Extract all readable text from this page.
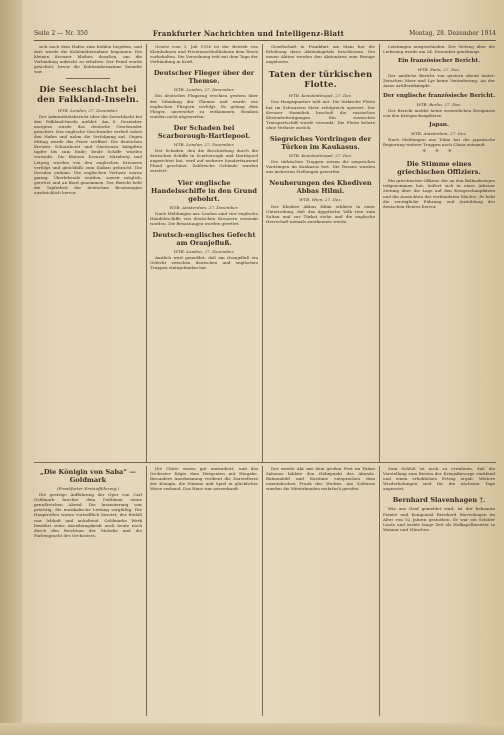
Seite 2 — Nr. 350	Frankfurter Nachrichten und Intelligenz-Blatt	Montag, 28. Dezember 1914

sich nach dem Hafen zum Kohlen begeben, und dort wurde die Kohlenübernahme begonnen. Die kleinen Kreuzer blieben draußen, um die Verbindung aufrecht zu erhalten. Der Feind wurde gesichtet, bevor die Kohlenübernahme beendet war.

Die Seeschlacht bei den Falkland-Inseln.
WTB. London, 27. Dezember.

Der Admiralitätsbericht über die Seeschlacht bei den Falkland-Inseln meldet: Am 8. Dezember morgens wurde das deutsche Geschwader gesichtet. Das englische Geschwader verließ sofort den Hafen und nahm die Verfolgung auf. Gegen Mittag wurde das Feuer eröffnet. Die deutschen Kreuzer Scharnhorst und Gneisenau kämpften tapfer bis zum Ende; beide Schiffe wurden versenkt. Die kleinen Kreuzer Nürnberg und Leipzig wurden von den englischen Kreuzern verfolgt und gleichfalls zum Sinken gebracht. Die Dresden entkam. Die englischen Verluste waren gering. Überlebende wurden, soweit möglich, gerettet und an Bord genommen. Der Bericht hebt die Tapferkeit der deutschen Besatzungen ausdrücklich hervor.

Gesetz vom 3. Juli 1914 ist der Betrieb von Kleinbahnen und Privatanschlußbahnen dem Reich vorbehalten. Die Verordnung tritt mit dem Tage der Verkündung in Kraft.

Deutscher Flieger über der Themse.
WTB. London, 27. Dezember.

Ein deutsches Flugzeug erschien gestern über der Mündung der Themse und wurde von englischen Fliegern verfolgt. Es gelang dem Flieger, unversehrt zu entkommen. Bomben wurden nicht abgeworfen.

Der Schaden bei Scarborough-Hartlepool.
WTB. London, 27. Dezember.

Der Schaden, den die Beschießung durch die deutschen Schiffe in Scarborough und Hartlepool angerichtet hat, wird auf mehrere hunderttausend Pfund geschätzt. Zahlreiche Gebäude wurden zerstört.

Vier englische Handelsschiffe in den Grund gebohrt.
WTB. Amsterdam, 27. Dezember.

Nach Meldungen aus London sind vier englische Handelsschiffe von deutschen Kreuzern versenkt worden. Die Besatzungen wurden gerettet.

Deutsch-englisches Gefecht am Oranjefluß.
WTB. London, 27. Dezember.

Amtlich wird gemeldet, daß am Oranjefluß ein Gefecht zwischen deutschen und englischen Truppen stattgefunden hat.

Gesellschaft in Frankfurt am Main hat die Erhöhung ihres Aktienkapitals beschlossen. Die neuen Aktien werden den Aktionären zum Bezuge angeboten.

Taten der türkischen Flotte.
WTB. Konstantinopel, 27. Dez.

Das Hauptquartier teilt mit: Die türkische Flotte hat im Schwarzen Meer erfolgreich operiert. Der Kreuzer Hamidieh beschoß die russischen Küstenbefestigungen. Ein russisches Transportschiff wurde versenkt. Die Flotte kehrte ohne Verluste zurück.

Siegreiches Vordringen der Türken im Kaukasus.
WTB. Konstantinopel, 27. Dez.

Die türkischen Truppen setzen ihr siegreiches Vordringen im Kaukasus fort. Die Russen wurden aus mehreren Stellungen geworfen.

Neuherungen des Khediven Abbas Hilmi.
WTB. Wien, 27. Dez.

Der Khedive Abbas Hilmi erklärte in einer Unterredung, daß das ägyptische Volk treu zum Sultan und zur Türkei stehe und die englische Herrschaft niemals anerkennen werde.

Leistungen ausgeschieden. Der Vertrag über die Lieferung wurde am 24. Dezember genehmigt.

Ein französischer Bericht.
WTB. Paris, 27. Dez.

Der amtliche Bericht von gestern abend lautet: Zwischen Meer und Lys keine Veränderung. An der Aisne Artilleriekämpfe.

Der englische französische Bericht.
WTB. Berlin, 27. Dez.

Der Bericht meldet keine wesentlichen Ereignisse von den Kriegsschauplätzen.

Japan.
WTB. Amsterdam, 27. Dez.

Nach Meldungen aus Tokio hat die japanische Regierung weitere Truppen nach China entsandt.

* * *
Die Stimme eines griechischen Offiziers.

Ein griechischer Offizier, der an den Balkankriegen teilgenommen hat, äußert sich in einer Athener Zeitung über die Lage auf den Kriegsschauplätzen und die Aussichten der verbündeten Mächte. Er hebt die vorzügliche Führung und Ausbildung des deutschen Heeres hervor.

„Die Königin von Saba“ — Goldmark
(Frankfurter Erstaufführung.)

Die gestrige Aufführung der Oper von Carl Goldmark brachte dem Publikum einen genußreichen Abend. Die Inszenierung war prächtig, die musikalische Leitung sorgfältig. Die Hauptrollen waren vortrefflich besetzt; der Beifall war lebhaft und anhaltend. Goldmarks Werk bewährt seine Anziehungskraft auch heute noch durch den Reichtum der Melodie und die Farbenpracht des Orchesters.

Die Chöre waren gut einstudiert, und das Orchester folgte dem Dirigenten mit Hingabe. Besondere Anerkennung verdient die Darstellerin der Königin, die Stimme und Spiel in glücklicher Weise verband. Das Haus war ausverkauft.

Der zweite Akt mit dem großen Fest im Palast Salomos bildete den Höhepunkt des Abends. Bühnenbild und Kostüme entsprachen dem orientalischen Prunk des Werkes. Am Schlusse wurden die Mitwirkenden mehrfach gerufen.

Zum Schluß ist noch zu erwähnen, daß die Vorstellung zum Besten der Kriegsfürsorge stattfand und einen erheblichen Ertrag ergab. Weitere Wiederholungen sind für die nächsten Tage angesetzt.

Bernhard Slavenhagen †.

Wie aus Genf gemeldet wird, ist der bekannte Pianist und Komponist Bernhard Stavenhagen im Alter von 52 Jahren gestorben. Er war ein Schüler Liszts und wirkte lange Zeit als Hofkapellmeister in Weimar und München.
